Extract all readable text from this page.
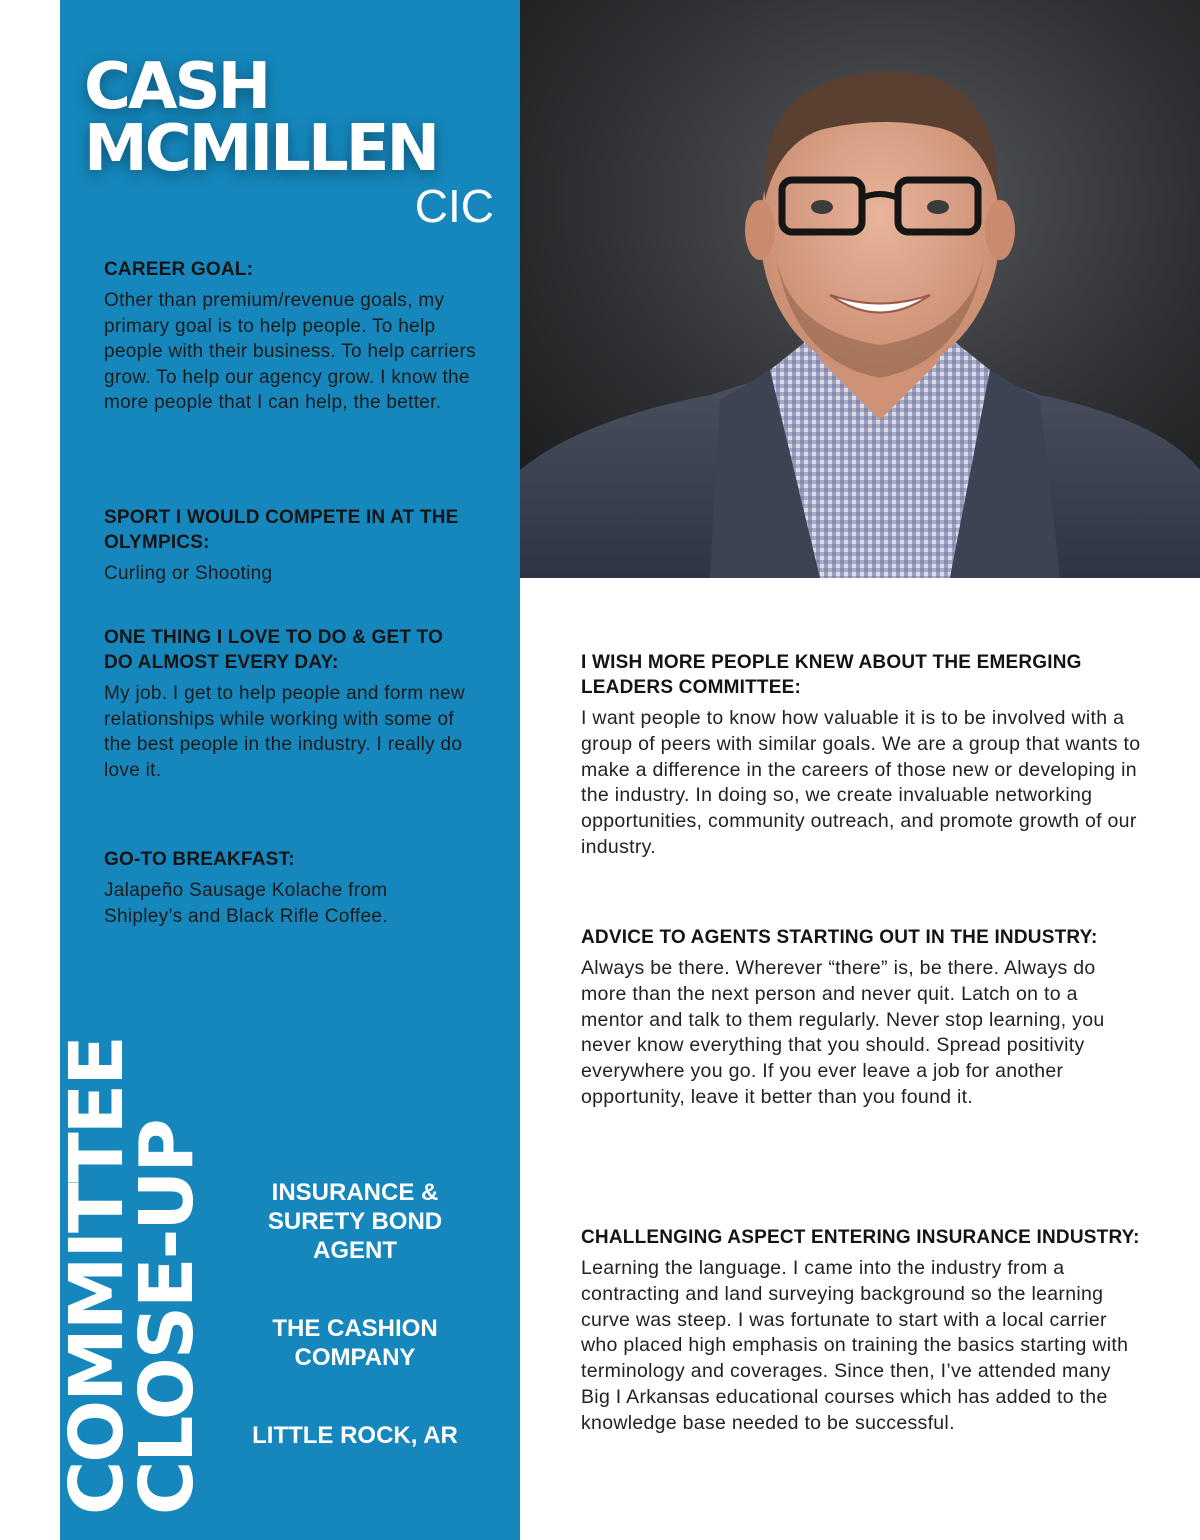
CASH
MCMILLEN
CIC
CAREER GOAL:

Other than premium/revenue goals, my primary goal is to help people. To help people with their business. To help carriers grow. To help our agency grow. I know the more people that I can help, the better.

SPORT I WOULD COMPETE IN AT THE OLYMPICS:

Curling or Shooting

ONE THING I LOVE TO DO & GET TO DO ALMOST EVERY DAY:

My job. I get to help people and form new relationships while working with some of the best people in the industry. I really do love it.

GO-TO BREAKFAST:

Jalapeño Sausage Kolache from Shipley’s and Black Rifle Coffee.

COMMITTEE
CLOSE-UP	INSURANCE & SURETY BOND AGENT

THE CASHION COMPANY

LITTLE ROCK, AR

I WISH MORE PEOPLE KNEW ABOUT THE EMERGING LEADERS COMMITTEE:

I want people to know how valuable it is to be involved with a group of peers with similar goals. We are a group that wants to make a difference in the careers of those new or developing in the industry. In doing so, we create invaluable networking opportunities, community outreach, and promote growth of our industry.

ADVICE TO AGENTS STARTING OUT IN THE INDUSTRY:

Always be there. Wherever “there” is, be there. Always do more than the next person and never quit. Latch on to a mentor and talk to them regularly. Never stop learning, you never know everything that you should. Spread positivity everywhere you go. If you ever leave a job for another opportunity, leave it better than you found it.

CHALLENGING ASPECT ENTERING INSURANCE INDUSTRY:

Learning the language. I came into the industry from a contracting and land surveying background so the learning curve was steep. I was fortunate to start with a local carrier who placed high emphasis on training the basics starting with terminology and coverages. Since then, I’ve attended many Big I Arkansas educational courses which has added to the knowledge base needed to be successful.
